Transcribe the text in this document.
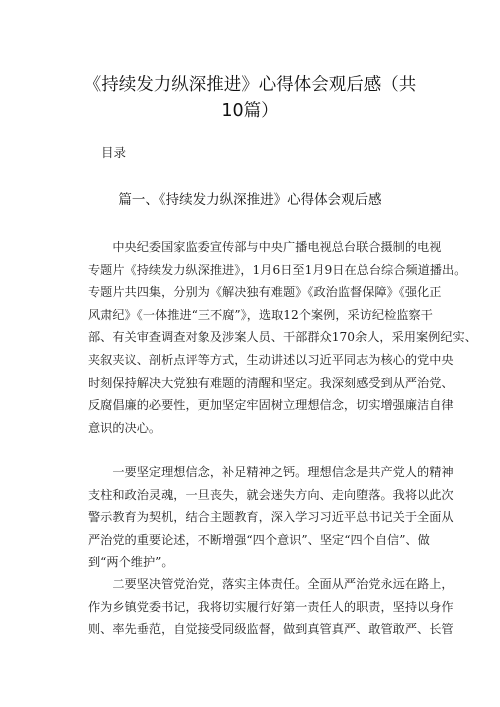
《持续发力纵深推进》心得体会观后感（共
10篇）
目录
篇一、《持续发力纵深推进》心得体会观后感
　　中央纪委国家监委宣传部与中央广播电视总台联合摄制的电视
专题片《持续发力纵深推进》，1月6日至1月9日在总台综合频道播出。
专题片共四集，分别为《解决独有难题》《政治监督保障》《强化正
风肃纪》《一体推进“三不腐”》，选取12个案例，采访纪检监察干
部、有关审查调查对象及涉案人员、干部群众170余人，采用案例纪实、
夹叙夹议、剖析点评等方式，生动讲述以习近平同志为核心的党中央
时刻保持解决大党独有难题的清醒和坚定。我深刻感受到从严治党、
反腐倡廉的必要性，更加坚定牢固树立理想信念，切实增强廉洁自律
意识的决心。
　　一要坚定理想信念，补足精神之钙。理想信念是共产党人的精神
支柱和政治灵魂，一旦丧失，就会迷失方向、走向堕落。我将以此次
警示教育为契机，结合主题教育，深入学习习近平总书记关于全面从
严治党的重要论述，不断增强“四个意识”、坚定“四个自信”、做
到“两个维护”。
　　二要坚决管党治党，落实主体责任。全面从严治党永远在路上，
作为乡镇党委书记，我将切实履行好第一责任人的职责，坚持以身作
则、率先垂范，自觉接受同级监督，做到真管真严、敢管敢严、长管
